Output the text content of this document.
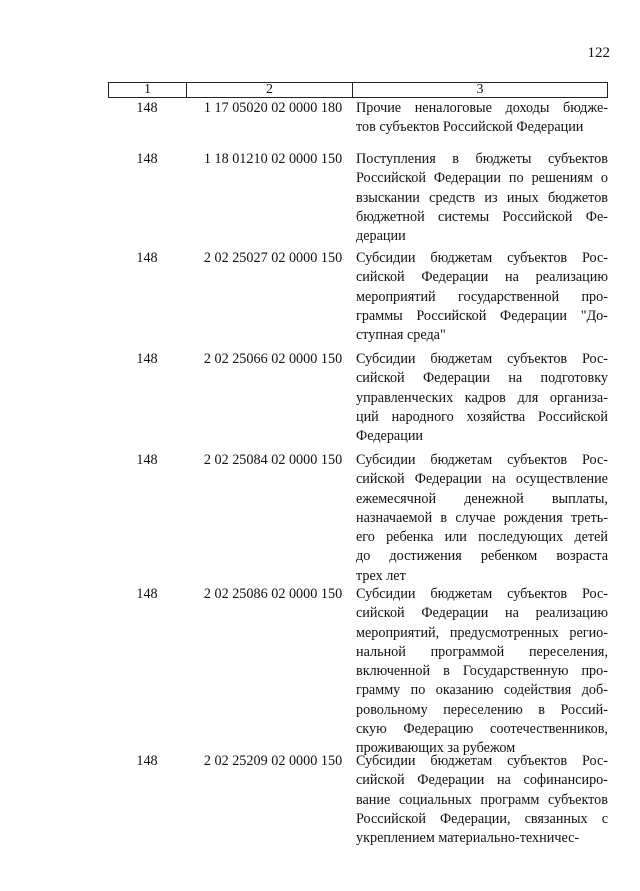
122
1	2	3
148	1 17 05020 02 0000 180 Прочие неналоговые доходы бюдже-
тов субъектов Российской Федерации
148	1 18 01210 02 0000 150 Поступления в бюджеты субъектов
Российской Федерации по решениям о
взыскании средств из иных бюджетов
бюджетной системы Российской Фе-
дерации
148	2 02 25027 02 0000 150 Субсидии бюджетам субъектов Рос-
сийской Федерации на реализацию
мероприятий государственной про-
граммы Российской Федерации "До-
ступная среда"
148	2 02 25066 02 0000 150 Субсидии бюджетам субъектов Рос-
сийской Федерации на подготовку
управленческих кадров для организа-
ций народного хозяйства Российской
Федерации
148	2 02 25084 02 0000 150 Субсидии бюджетам субъектов Рос-
сийской Федерации на осуществление
ежемесячной денежной выплаты,
назначаемой в случае рождения треть-
его ребенка или последующих детей
до достижения ребенком возраста
трех лет
148	2 02 25086 02 0000 150 Субсидии бюджетам субъектов Рос-
сийской Федерации на реализацию
мероприятий, предусмотренных регио-
нальной программой переселения,
включенной в Государственную про-
грамму по оказанию содействия доб-
ровольному переселению в Россий-
скую Федерацию соотечественников,
проживающих за рубежом
148	2 02 25209 02 0000 150 Субсидии бюджетам субъектов Рос-
сийской Федерации на софинансиро-
вание социальных программ субъектов
Российской Федерации, связанных с
укреплением материально-техничес-
